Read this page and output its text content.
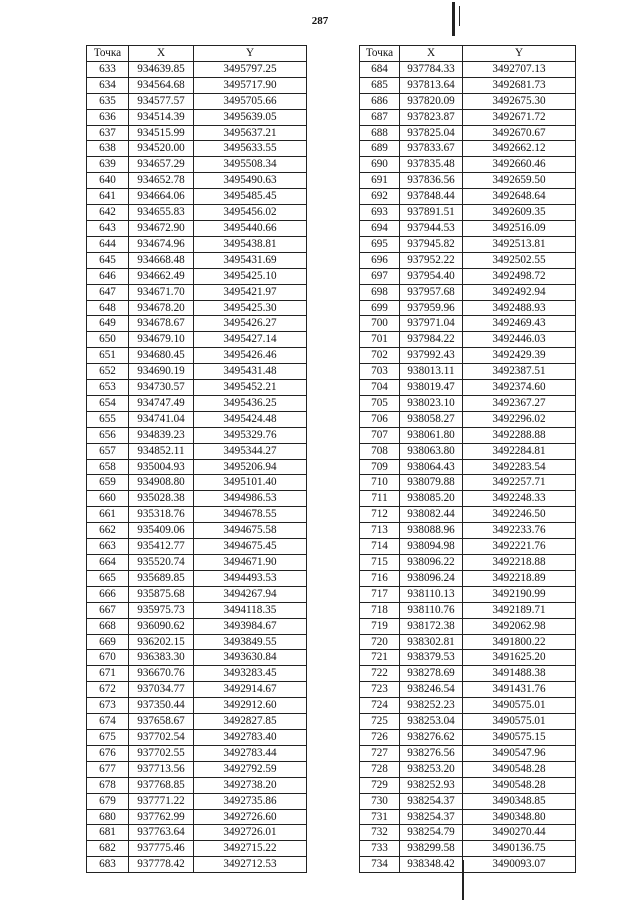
287
Точка	X	Y
633	934639.85	3495797.25
634	934564.68	3495717.90
635	934577.57	3495705.66
636	934514.39	3495639.05
637	934515.99	3495637.21
638	934520.00	3495633.55
639	934657.29	3495508.34
640	934652.78	3495490.63
641	934664.06	3495485.45
642	934655.83	3495456.02
643	934672.90	3495440.66
644	934674.96	3495438.81
645	934668.48	3495431.69
646	934662.49	3495425.10
647	934671.70	3495421.97
648	934678.20	3495425.30
649	934678.67	3495426.27
650	934679.10	3495427.14
651	934680.45	3495426.46
652	934690.19	3495431.48
653	934730.57	3495452.21
654	934747.49	3495436.25
655	934741.04	3495424.48
656	934839.23	3495329.76
657	934852.11	3495344.27
658	935004.93	3495206.94
659	934908.80	3495101.40
660	935028.38	3494986.53
661	935318.76	3494678.55
662	935409.06	3494675.58
663	935412.77	3494675.45
664	935520.74	3494671.90
665	935689.85	3494493.53
666	935875.68	3494267.94
667	935975.73	3494118.35
668	936090.62	3493984.67
669	936202.15	3493849.55
670	936383.30	3493630.84
671	936670.76	3493283.45
672	937034.77	3492914.67
673	937350.44	3492912.60
674	937658.67	3492827.85
675	937702.54	3492783.40
676	937702.55	3492783.44
677	937713.56	3492792.59
678	937768.85	3492738.20
679	937771.22	3492735.86
680	937762.99	3492726.60
681	937763.64	3492726.01
682	937775.46	3492715.22
683	937778.42	3492712.53
Точка	X	Y
684	937784.33	3492707.13
685	937813.64	3492681.73
686	937820.09	3492675.30
687	937823.87	3492671.72
688	937825.04	3492670.67
689	937833.67	3492662.12
690	937835.48	3492660.46
691	937836.56	3492659.50
692	937848.44	3492648.64
693	937891.51	3492609.35
694	937944.53	3492516.09
695	937945.82	3492513.81
696	937952.22	3492502.55
697	937954.40	3492498.72
698	937957.68	3492492.94
699	937959.96	3492488.93
700	937971.04	3492469.43
701	937984.22	3492446.03
702	937992.43	3492429.39
703	938013.11	3492387.51
704	938019.47	3492374.60
705	938023.10	3492367.27
706	938058.27	3492296.02
707	938061.80	3492288.88
708	938063.80	3492284.81
709	938064.43	3492283.54
710	938079.88	3492257.71
711	938085.20	3492248.33
712	938082.44	3492246.50
713	938088.96	3492233.76
714	938094.98	3492221.76
715	938096.22	3492218.88
716	938096.24	3492218.89
717	938110.13	3492190.99
718	938110.76	3492189.71
719	938172.38	3492062.98
720	938302.81	3491800.22
721	938379.53	3491625.20
722	938278.69	3491488.38
723	938246.54	3491431.76
724	938252.23	3490575.01
725	938253.04	3490575.01
726	938276.62	3490575.15
727	938276.56	3490547.96
728	938253.20	3490548.28
729	938252.93	3490548.28
730	938254.37	3490348.85
731	938254.37	3490348.80
732	938254.79	3490270.44
733	938299.58	3490136.75
734	938348.42	3490093.07
